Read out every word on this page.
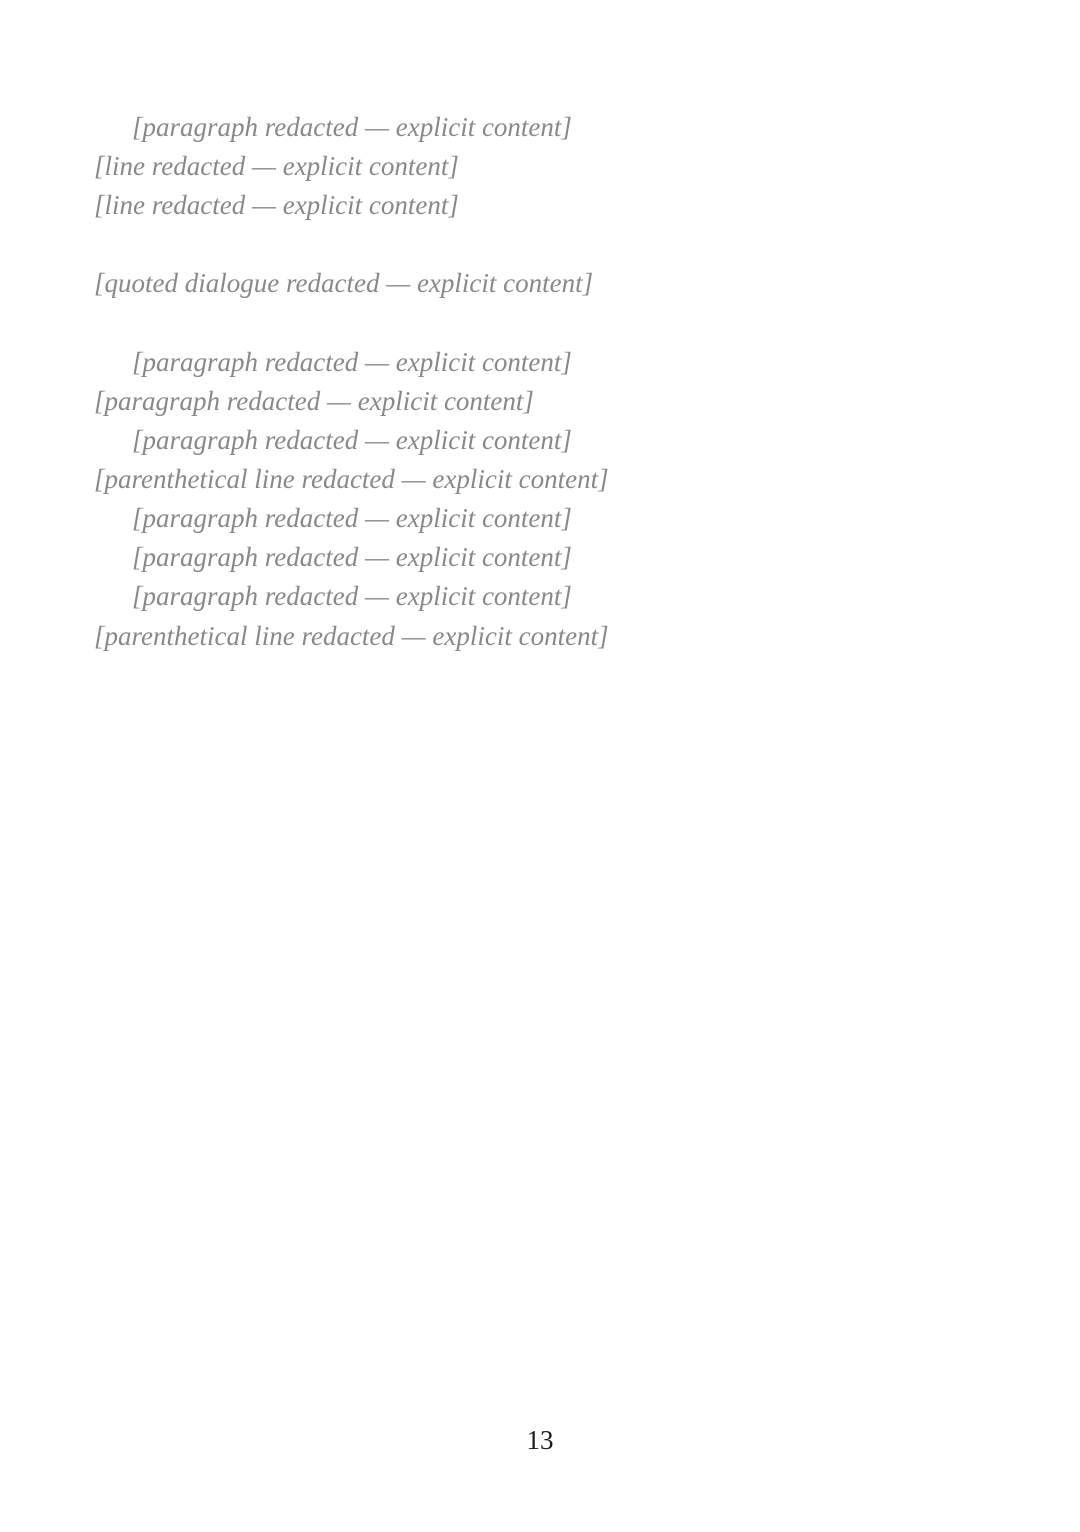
[paragraph redacted — explicit content]

[line redacted — explicit content]

[line redacted — explicit content]

[quoted dialogue redacted — explicit content]

[paragraph redacted — explicit content]

[paragraph redacted — explicit content]

[paragraph redacted — explicit content]

[parenthetical line redacted — explicit content]

[paragraph redacted — explicit content]

[paragraph redacted — explicit content]

[paragraph redacted — explicit content]

[parenthetical line redacted — explicit content]

13
